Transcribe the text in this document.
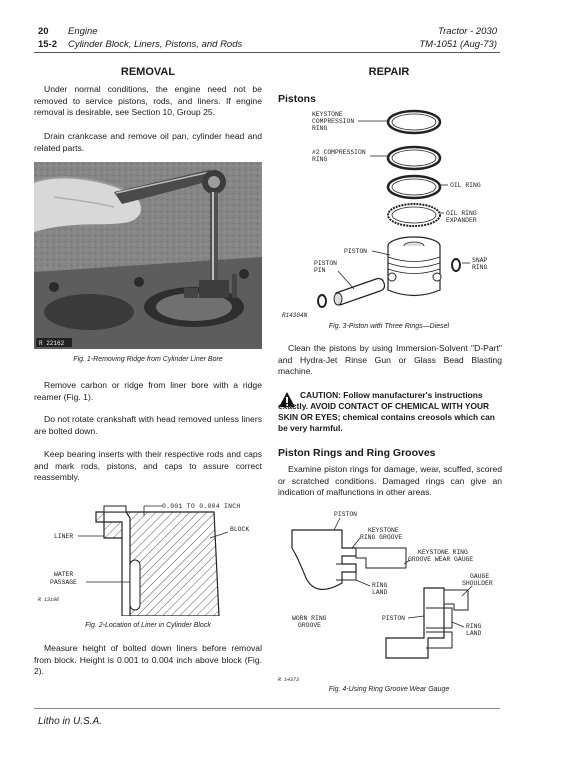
20
15-2
Engine
Cylinder Block, Liners, Pistons, and Rods
Tractor - 2030
TM-1051 (Aug-73)
REMOVAL
Under normal conditions, the engine need not be removed to service pistons, rods, and liners. If engine removal is desirable, see Section 10, Group 25.
Drain crankcase and remove oil pan, cylinder head and related parts.
R 22162
Fig. 1-Removing Ridge from Cylinder Liner Bore
Remove carbon or ridge from liner bore with a ridge reamer (Fig. 1).
Do not rotate crankshaft with head removed unless liners are bolted down.
Keep bearing inserts with their respective rods and caps and mark rods, pistons, and caps to assure correct reassembly.
0.001 TO 0.004 INCH
BLOCK
LINER
WATER
PASSAGE
R 13196
Fig. 2-Location of Liner in Cylinder Block
Measure height of bolted down liners before removal from block. Height is 0.001 to 0.004 inch above block (Fig. 2).
REPAIR
Pistons
KEYSTONE
COMPRESSION
RING
#2 COMPRESSION
RING
OIL RING
OIL RING
EXPANDER
PISTON
PISTON
PIN
SNAP
RING
R14304N
Fig. 3-Piston with Three Rings—Diesel
Clean the pistons by using Immersion-Solvent "D-Part" and Hydra-Jet Rinse Gun or Glass Bead Blasting machine.
CAUTION: Follow manufacturer's instructions exactly. AVOID CONTACT OF CHEMICAL WITH YOUR SKIN OR EYES; chemical contains creosols which can be very harmful.
Piston Rings and Ring Grooves
Examine piston rings for damage, wear, scuffed, scored or scratched conditions. Damaged rings can give an indication of malfunctions in other areas.
PISTON
KEYSTONE
RING GROOVE
KEYSTONE RING
GROOVE WEAR GAUGE
GAUGE
SHOULDER
RING
LAND
WORN RING
GROOVE
PISTON
RING
LAND
R 14373
Fig. 4-Using Ring Groove Wear Gauge
Litho in U.S.A.
